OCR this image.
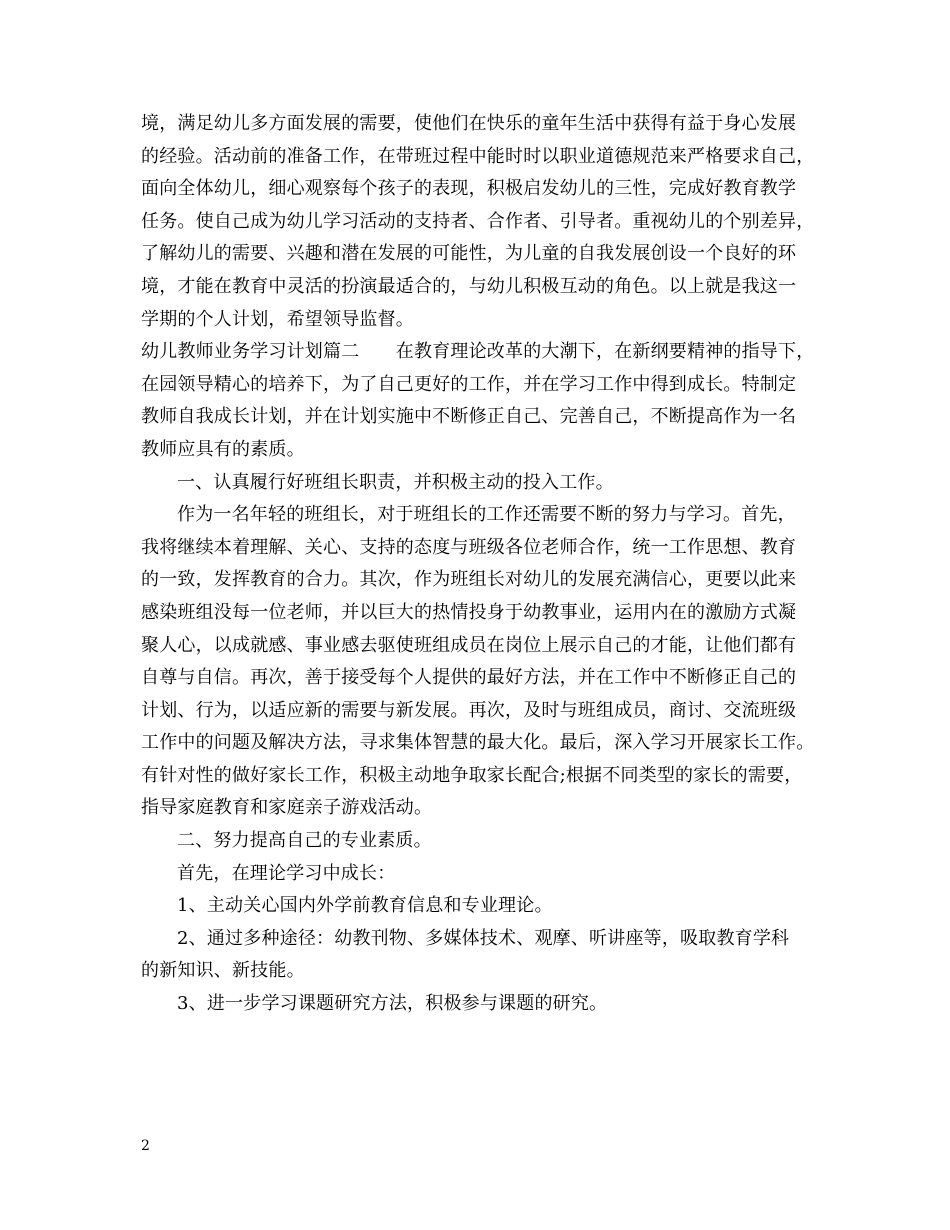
境，满足幼儿多方面发展的需要，使他们在快乐的童年生活中获得有益于身心发展
的经验。活动前的准备工作，在带班过程中能时时以职业道德规范来严格要求自己，
面向全体幼儿，细心观察每个孩子的表现，积极启发幼儿的三性，完成好教育教学
任务。使自己成为幼儿学习活动的支持者、合作者、引导者。重视幼儿的个别差异，
了解幼儿的需要、兴趣和潜在发展的可能性，为儿童的自我发展创设一个良好的环
境，才能在教育中灵活的扮演最适合的，与幼儿积极互动的角色。以上就是我这一
学期的个人计划，希望领导监督。
幼儿教师业务学习计划篇二　　在教育理论改革的大潮下，在新纲要精神的指导下，
在园领导精心的培养下，为了自己更好的工作，并在学习工作中得到成长。特制定
教师自我成长计划，并在计划实施中不断修正自己、完善自己，不断提高作为一名
教师应具有的素质。
一、认真履行好班组长职责，并积极主动的投入工作。
作为一名年轻的班组长，对于班组长的工作还需要不断的努力与学习。首先，
我将继续本着理解、关心、支持的态度与班级各位老师合作，统一工作思想、教育
的一致，发挥教育的合力。其次，作为班组长对幼儿的发展充满信心，更要以此来
感染班组没每一位老师，并以巨大的热情投身于幼教事业，运用内在的激励方式凝
聚人心，以成就感、事业感去驱使班组成员在岗位上展示自己的才能，让他们都有
自尊与自信。再次，善于接受每个人提供的最好方法，并在工作中不断修正自己的
计划、行为，以适应新的需要与新发展。再次，及时与班组成员，商讨、交流班级
工作中的问题及解决方法，寻求集体智慧的最大化。最后，深入学习开展家长工作。
有针对性的做好家长工作，积极主动地争取家长配合;根据不同类型的家长的需要，
指导家庭教育和家庭亲子游戏活动。
二、努力提高自己的专业素质。
首先，在理论学习中成长：
1、主动关心国内外学前教育信息和专业理论。
2、通过多种途径：幼教刊物、多媒体技术、观摩、听讲座等，吸取教育学科
的新知识、新技能。
3、进一步学习课题研究方法，积极参与课题的研究。
2
